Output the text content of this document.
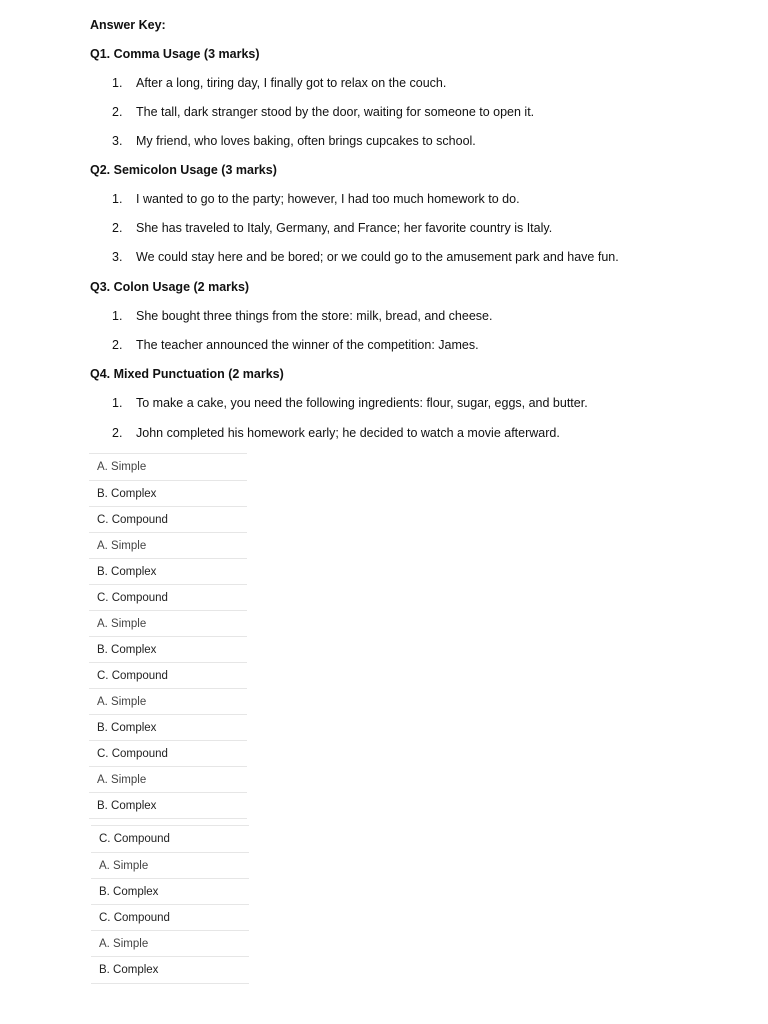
Answer Key:
Q1. Comma Usage (3 marks)
1. After a long, tiring day, I finally got to relax on the couch.
2. The tall, dark stranger stood by the door, waiting for someone to open it.
3. My friend, who loves baking, often brings cupcakes to school.
Q2. Semicolon Usage (3 marks)
1. I wanted to go to the party; however, I had too much homework to do.
2. She has traveled to Italy, Germany, and France; her favorite country is Italy.
3. We could stay here and be bored; or we could go to the amusement park and have fun.
Q3. Colon Usage (2 marks)
1. She bought three things from the store: milk, bread, and cheese.
2. The teacher announced the winner of the competition: James.
Q4. Mixed Punctuation (2 marks)
1. To make a cake, you need the following ingredients: flour, sugar, eggs, and butter.
2. John completed his homework early; he decided to watch a movie afterward.
A. Simple
B. Complex
C. Compound
A. Simple
B. Complex
C. Compound
A. Simple
B. Complex
C. Compound
A. Simple
B. Complex
C. Compound
A. Simple
B. Complex
C. Compound
A. Simple
B. Complex
C. Compound
A. Simple
B. Complex
